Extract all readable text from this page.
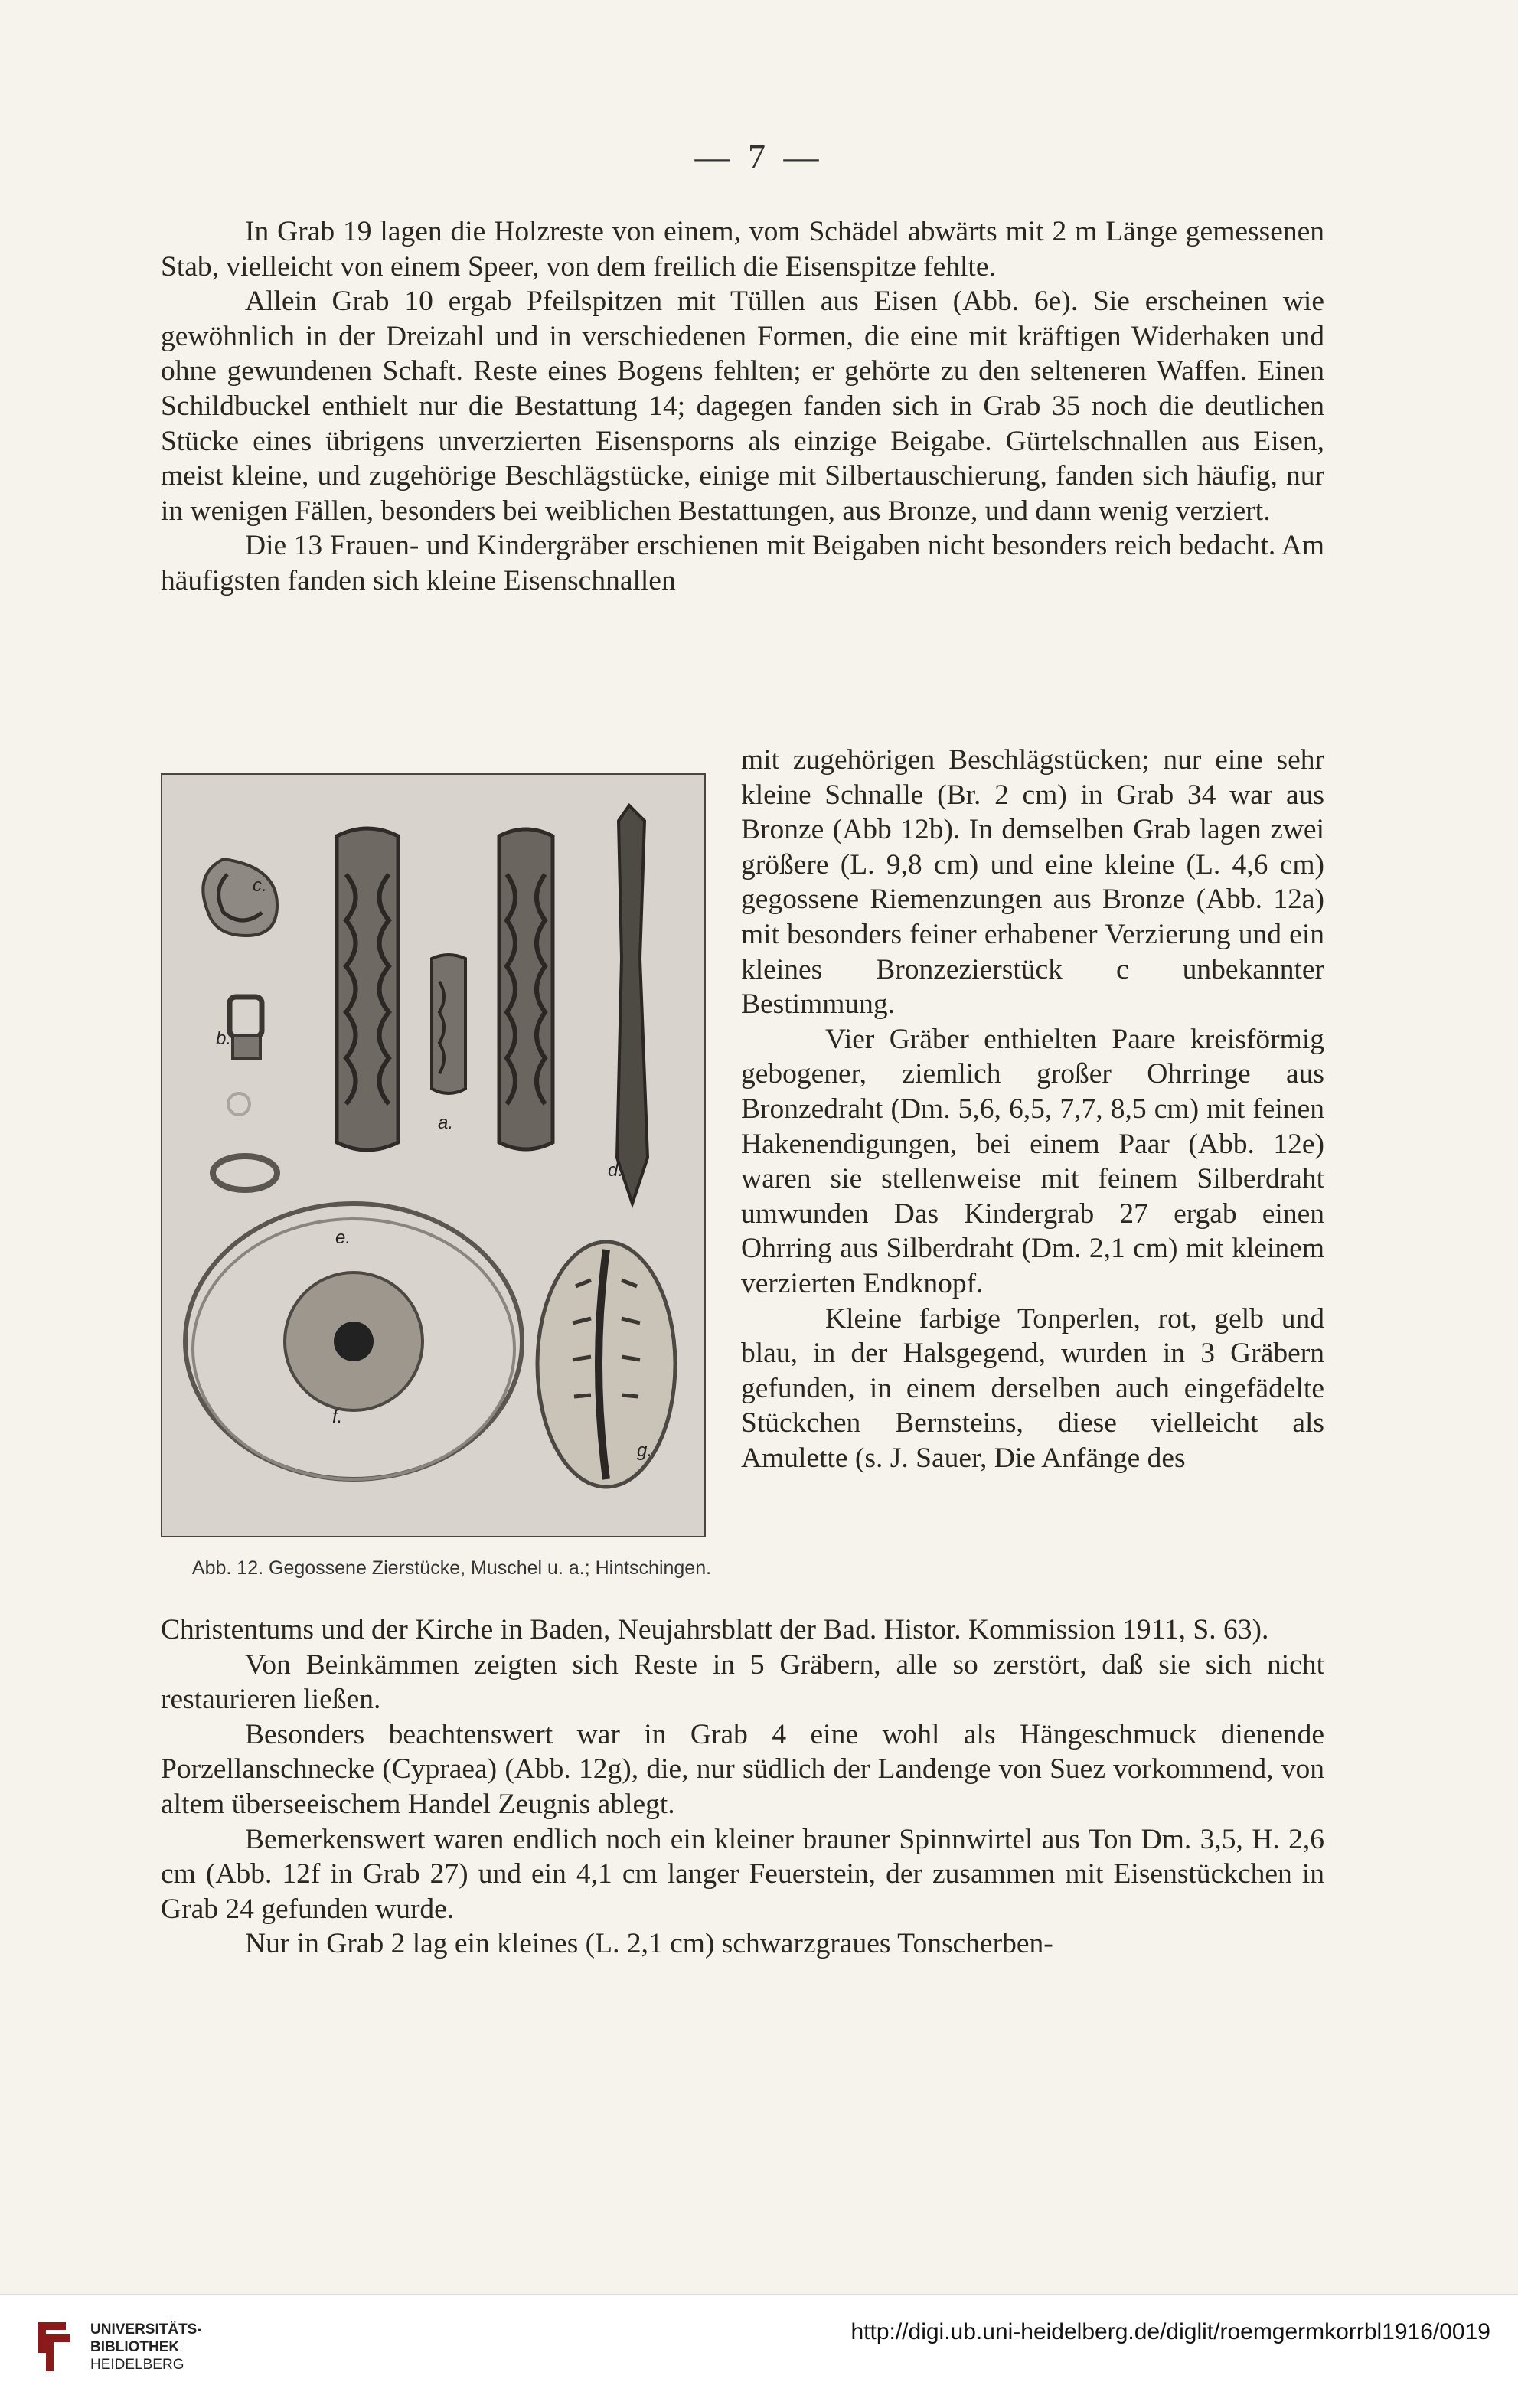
— 7 —

In Grab 19 lagen die Holzreste von einem, vom Schädel abwärts mit 2 m Länge gemessenen Stab, vielleicht von einem Speer, von dem freilich die Eisenspitze fehlte.

Allein Grab 10 ergab Pfeilspitzen mit Tüllen aus Eisen (Abb. 6e). Sie erscheinen wie gewöhnlich in der Dreizahl und in verschiedenen Formen, die eine mit kräftigen Widerhaken und ohne gewundenen Schaft. Reste eines Bogens fehlten; er gehörte zu den selteneren Waffen. Einen Schildbuckel enthielt nur die Bestattung 14; dagegen fanden sich in Grab 35 noch die deutlichen Stücke eines übrigens unverzierten Eisensporns als einzige Beigabe. Gürtelschnallen aus Eisen, meist kleine, und zugehörige Beschlägstücke, einige mit Silbertauschierung, fanden sich häufig, nur in wenigen Fällen, besonders bei weiblichen Bestattungen, aus Bronze, und dann wenig verziert.

Die 13 Frauen- und Kindergräber erschienen mit Beigaben nicht besonders reich bedacht. Am häufigsten fanden sich kleine Eisenschnallen

c.
b.
a.
d.
e.
f.
g.
Abb. 12. Gegossene Zierstücke, Muschel u. a.; Hintschingen.

mit zugehörigen Beschlägstücken; nur eine sehr kleine Schnalle (Br. 2 cm) in Grab 34 war aus Bronze (Abb 12b). In demselben Grab lagen zwei größere (L. 9,8 cm) und eine kleine (L. 4,6 cm) gegossene Riemenzungen aus Bronze (Abb. 12a) mit besonders feiner erhabener Verzierung und ein kleines Bronzezierstück c unbekannter Bestimmung.

Vier Gräber enthielten Paare kreisförmig gebogener, ziemlich großer Ohrringe aus Bronzedraht (Dm. 5,6, 6,5, 7,7, 8,5 cm) mit feinen Hakenendigungen, bei einem Paar (Abb. 12e) waren sie stellenweise mit feinem Silberdraht umwunden Das Kindergrab 27 ergab einen Ohrring aus Silberdraht (Dm. 2,1 cm) mit kleinem verzierten Endknopf.

Kleine farbige Tonperlen, rot, gelb und blau, in der Halsgegend, wurden in 3 Gräbern gefunden, in einem derselben auch eingefädelte Stückchen Bernsteins, diese vielleicht als Amulette (s. J. Sauer, Die Anfänge des

Christentums und der Kirche in Baden, Neujahrsblatt der Bad. Histor. Kommission 1911, S. 63).

Von Beinkämmen zeigten sich Reste in 5 Gräbern, alle so zerstört, daß sie sich nicht restaurieren ließen.

Besonders beachtenswert war in Grab 4 eine wohl als Hängeschmuck dienende Porzellanschnecke (Cypraea) (Abb. 12g), die, nur südlich der Landenge von Suez vorkommend, von altem überseeischem Handel Zeugnis ablegt.

Bemerkenswert waren endlich noch ein kleiner brauner Spinnwirtel aus Ton Dm. 3,5, H. 2,6 cm (Abb. 12f in Grab 27) und ein 4,1 cm langer Feuerstein, der zusammen mit Eisenstückchen in Grab 24 gefunden wurde.

Nur in Grab 2 lag ein kleines (L. 2,1 cm) schwarzgraues Tonscherben-

UNIVERSITÄTS-
BIBLIOTHEK
HEIDELBERG
http://digi.ub.uni-heidelberg.de/diglit/roemgermkorrbl1916/0019
